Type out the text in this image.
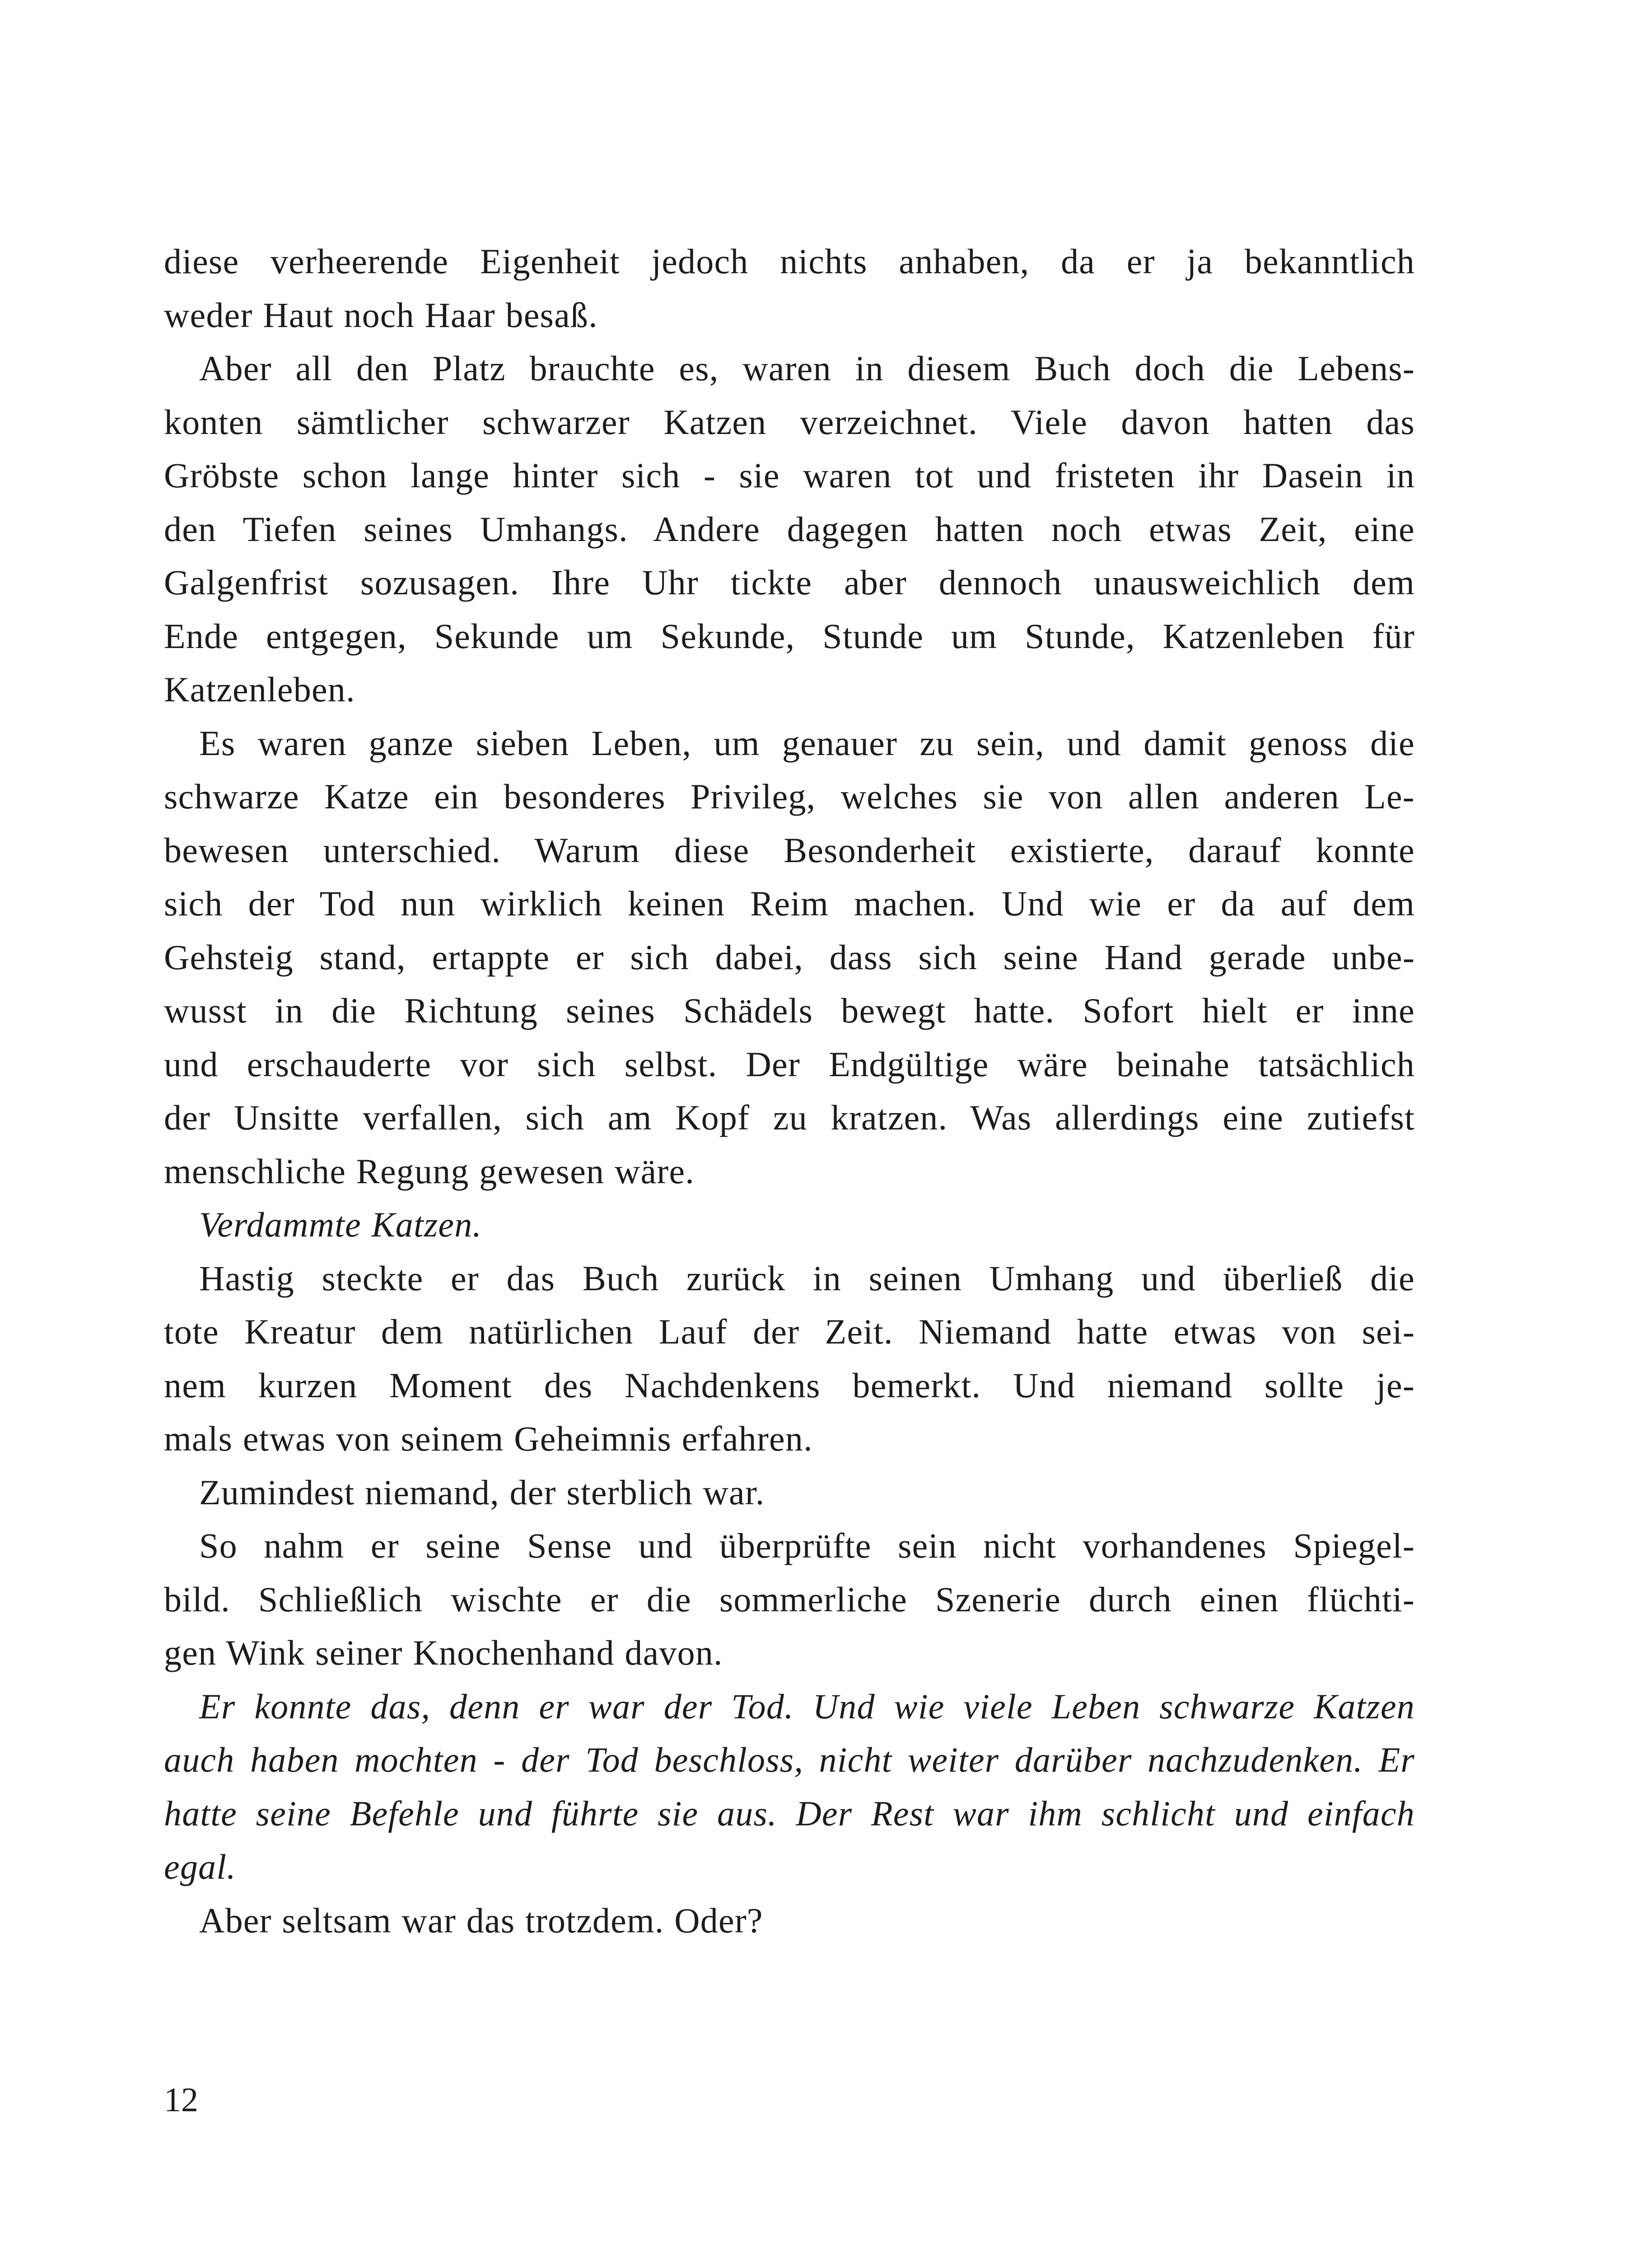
diese verheerende Eigenheit jedoch nichts anhaben, da er ja bekanntlich
weder Haut noch Haar besaß.
Aber all den Platz brauchte es, waren in diesem Buch doch die Lebens-
konten sämtlicher schwarzer Katzen verzeichnet. Viele davon hatten das
Gröbste schon lange hinter sich - sie waren tot und fristeten ihr Dasein in
den Tiefen seines Umhangs. Andere dagegen hatten noch etwas Zeit, eine
Galgenfrist sozusagen. Ihre Uhr tickte aber dennoch unausweichlich dem
Ende entgegen, Sekunde um Sekunde, Stunde um Stunde, Katzenleben für
Katzenleben.
Es waren ganze sieben Leben, um genauer zu sein, und damit genoss die
schwarze Katze ein besonderes Privileg, welches sie von allen anderen Le-
bewesen unterschied. Warum diese Besonderheit existierte, darauf konnte
sich der Tod nun wirklich keinen Reim machen. Und wie er da auf dem
Gehsteig stand, ertappte er sich dabei, dass sich seine Hand gerade unbe-
wusst in die Richtung seines Schädels bewegt hatte. Sofort hielt er inne
und erschauderte vor sich selbst. Der Endgültige wäre beinahe tatsächlich
der Unsitte verfallen, sich am Kopf zu kratzen. Was allerdings eine zutiefst
menschliche Regung gewesen wäre.
Verdammte Katzen.
Hastig steckte er das Buch zurück in seinen Umhang und überließ die
tote Kreatur dem natürlichen Lauf der Zeit. Niemand hatte etwas von sei-
nem kurzen Moment des Nachdenkens bemerkt. Und niemand sollte je-
mals etwas von seinem Geheimnis erfahren.
Zumindest niemand, der sterblich war.
So nahm er seine Sense und überprüfte sein nicht vorhandenes Spiegel-
bild. Schließlich wischte er die sommerliche Szenerie durch einen flüchti-
gen Wink seiner Knochenhand davon.
Er konnte das, denn er war der Tod. Und wie viele Leben schwarze Katzen
auch haben mochten - der Tod beschloss, nicht weiter darüber nachzudenken. Er
hatte seine Befehle und führte sie aus. Der Rest war ihm schlicht und einfach
egal.
Aber seltsam war das trotzdem. Oder?
12
